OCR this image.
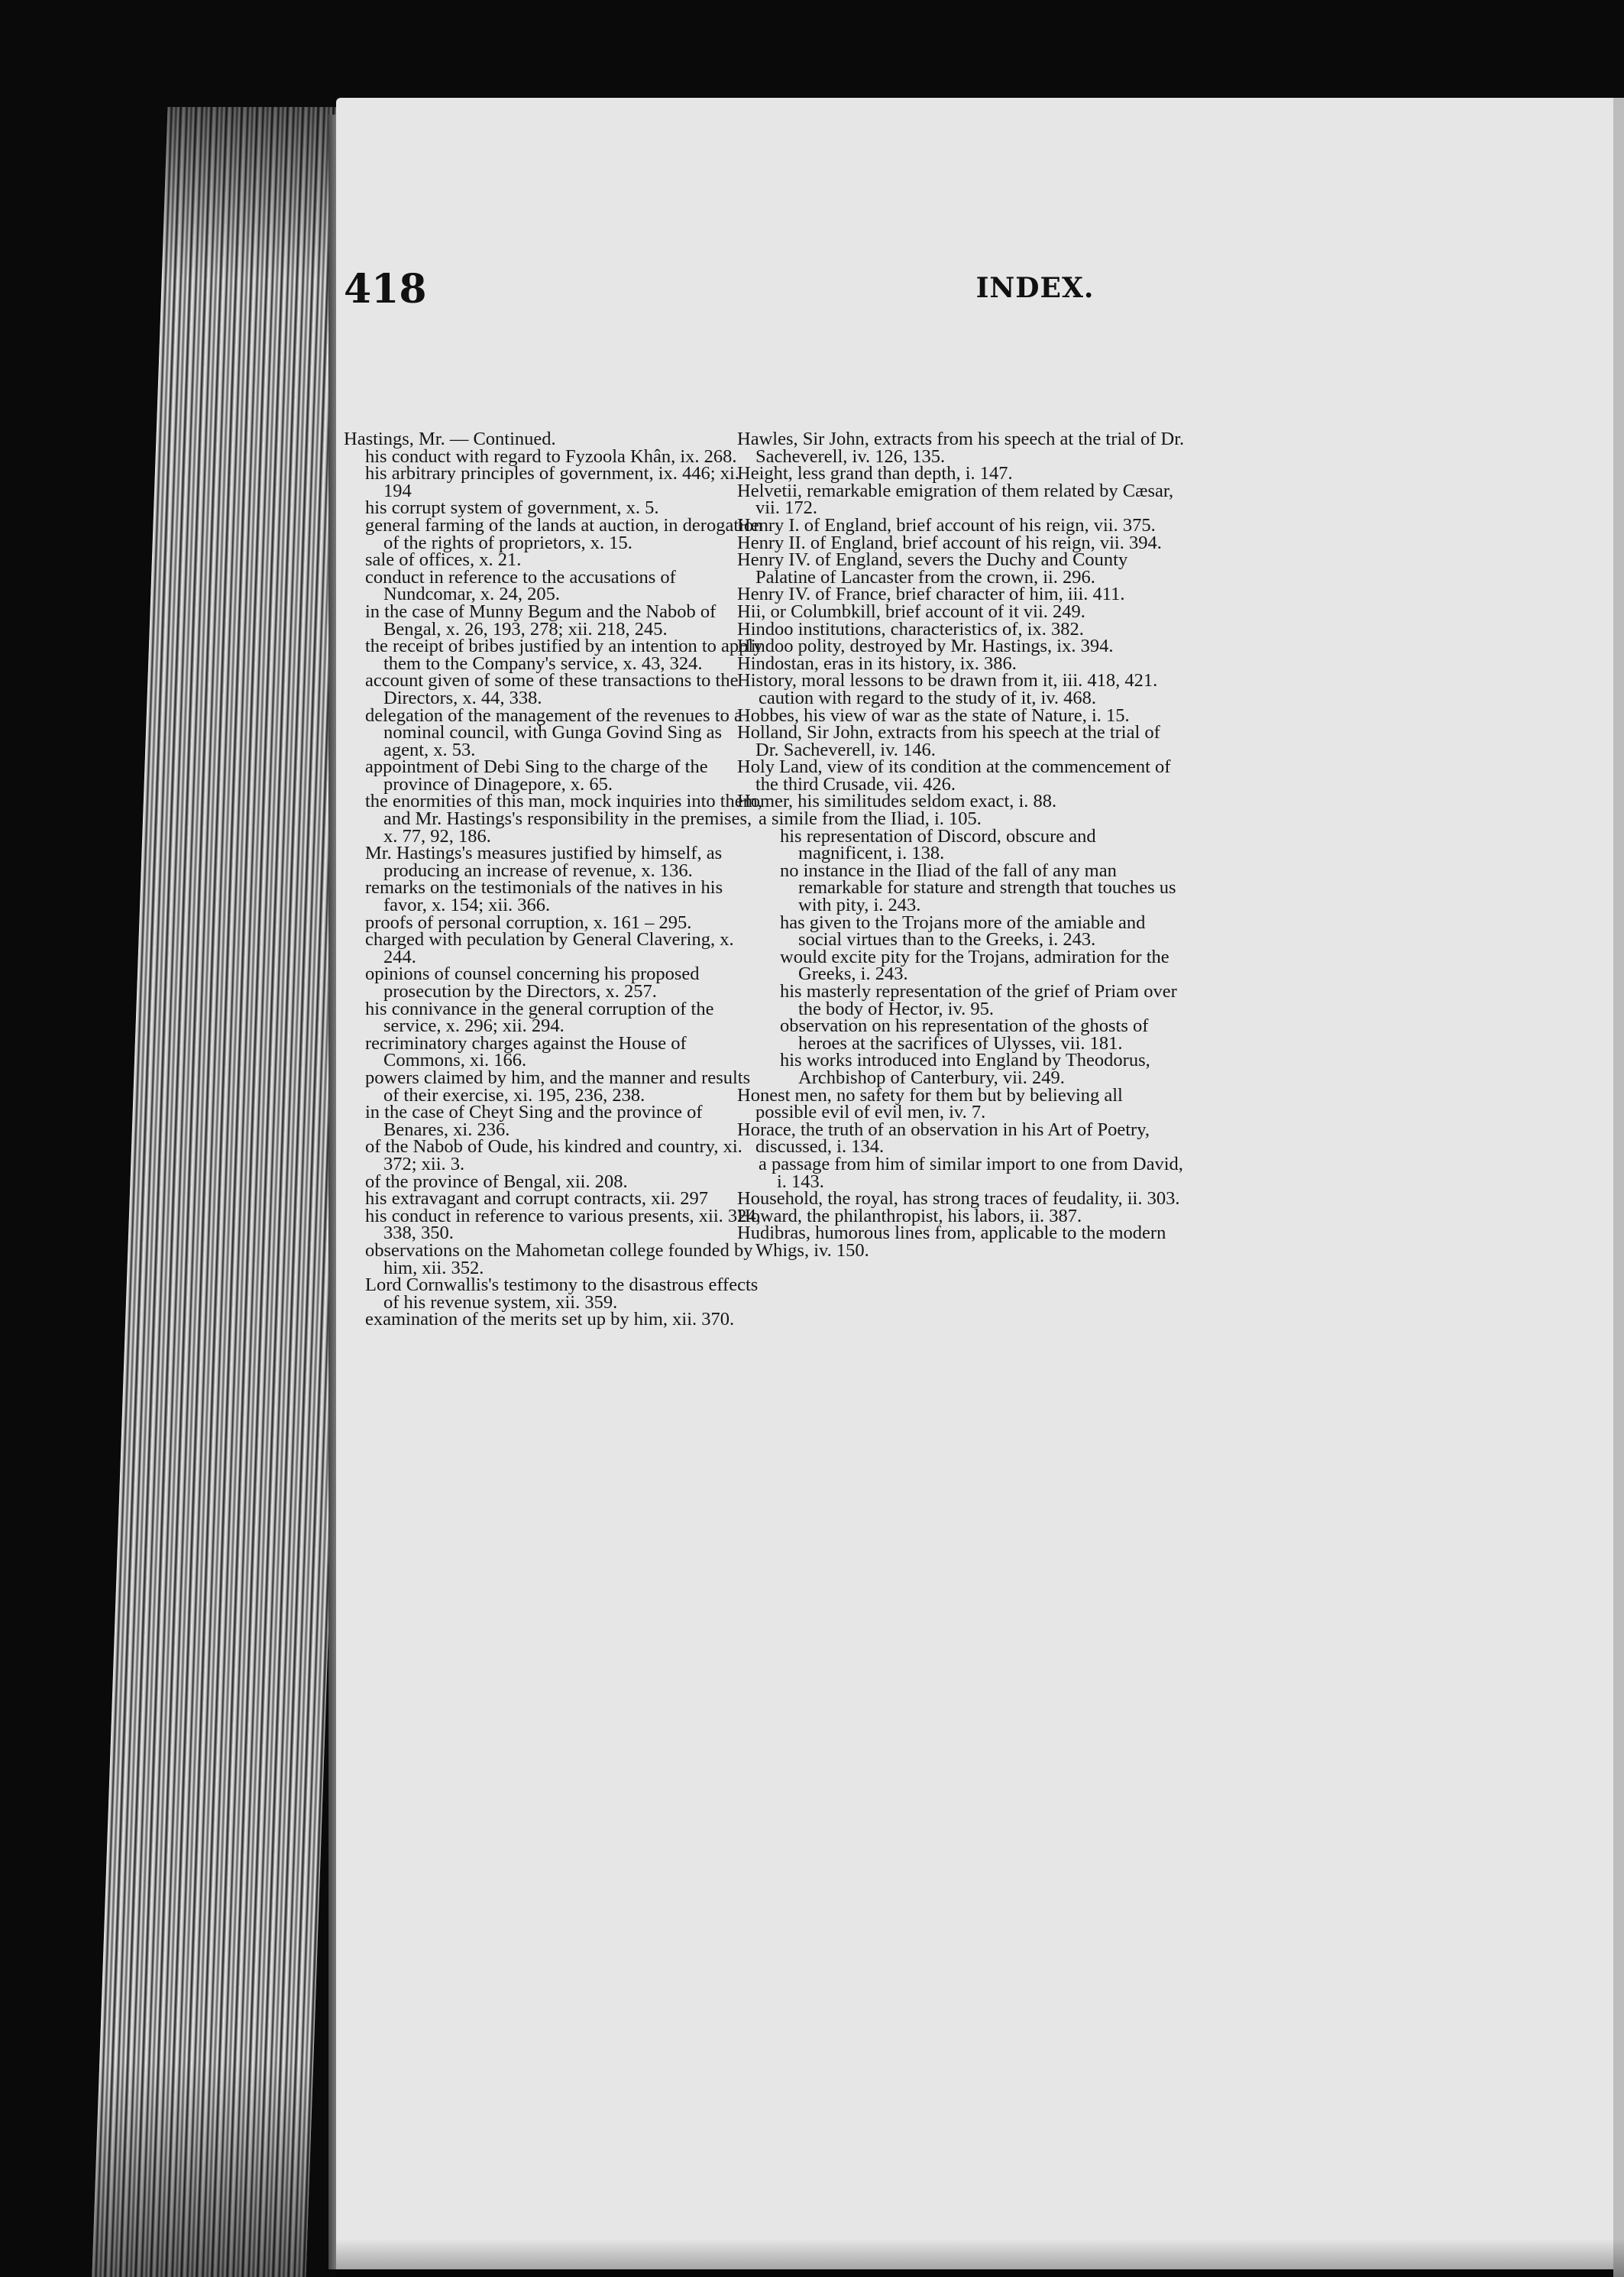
418	INDEX.

Hastings, Mr. — Continued.

his conduct with regard to Fyzoola Khân, ix. 268.

his arbitrary principles of government, ix. 446; xi. 194

his corrupt system of government, x. 5.

general farming of the lands at auction, in derogation of the rights of proprietors, x. 15.

sale of offices, x. 21.

conduct in reference to the accusations of Nundcomar, x. 24, 205.

in the case of Munny Begum and the Nabob of Bengal, x. 26, 193, 278; xii. 218, 245.

the receipt of bribes justified by an intention to apply them to the Company's service, x. 43, 324.

account given of some of these transactions to the Directors, x. 44, 338.

delegation of the management of the revenues to a nominal council, with Gunga Govind Sing as agent, x. 53.

appointment of Debi Sing to the charge of the province of Dinagepore, x. 65.

the enormities of this man, mock inquiries into them, and Mr. Hastings's responsibility in the premises, x. 77, 92, 186.

Mr. Hastings's measures justified by himself, as producing an increase of revenue, x. 136.

remarks on the testimonials of the natives in his favor, x. 154; xii. 366.

proofs of personal corruption, x. 161 – 295.

charged with peculation by General Clavering, x. 244.

opinions of counsel concerning his proposed prosecution by the Directors, x. 257.

his connivance in the general corruption of the service, x. 296; xii. 294.

recriminatory charges against the House of Commons, xi. 166.

powers claimed by him, and the manner and results of their exercise, xi. 195, 236, 238.

in the case of Cheyt Sing and the province of Benares, xi. 236.

of the Nabob of Oude, his kindred and country, xi. 372; xii. 3.

of the province of Bengal, xii. 208.

his extravagant and corrupt contracts, xii. 297

his conduct in reference to various presents, xii. 324, 338, 350.

observations on the Mahometan college founded by him, xii. 352.

Lord Cornwallis's testimony to the disastrous effects of his revenue system, xii. 359.

examination of the merits set up by him, xii. 370.

Hawles, Sir John, extracts from his speech at the trial of Dr. Sacheverell, iv. 126, 135.

Height, less grand than depth, i. 147.

Helvetii, remarkable emigration of them related by Cæsar, vii. 172.

Henry I. of England, brief account of his reign, vii. 375.

Henry II. of England, brief account of his reign, vii. 394.

Henry IV. of England, severs the Duchy and County Palatine of Lancaster from the crown, ii. 296.

Henry IV. of France, brief character of him, iii. 411.

Hii, or Columbkill, brief account of it vii. 249.

Hindoo institutions, characteristics of, ix. 382.

Hindoo polity, destroyed by Mr. Hastings, ix. 394.

Hindostan, eras in its history, ix. 386.

History, moral lessons to be drawn from it, iii. 418, 421.

caution with regard to the study of it, iv. 468.

Hobbes, his view of war as the state of Nature, i. 15.

Holland, Sir John, extracts from his speech at the trial of Dr. Sacheverell, iv. 146.

Holy Land, view of its condition at the commencement of the third Crusade, vii. 426.

Homer, his similitudes seldom exact, i. 88.

a simile from the Iliad, i. 105.

his representation of Discord, obscure and magnificent, i. 138.

no instance in the Iliad of the fall of any man remarkable for stature and strength that touches us with pity, i. 243.

has given to the Trojans more of the amiable and social virtues than to the Greeks, i. 243.

would excite pity for the Trojans, admiration for the Greeks, i. 243.

his masterly representation of the grief of Priam over the body of Hector, iv. 95.

observation on his representation of the ghosts of heroes at the sacrifices of Ulysses, vii. 181.

his works introduced into England by Theodorus, Archbishop of Canterbury, vii. 249.

Honest men, no safety for them but by believing all possible evil of evil men, iv. 7.

Horace, the truth of an observation in his Art of Poetry, discussed, i. 134.

a passage from him of similar import to one from David, i. 143.

Household, the royal, has strong traces of feudality, ii. 303.

Howard, the philanthropist, his labors, ii. 387.

Hudibras, humorous lines from, applicable to the modern Whigs, iv. 150.
